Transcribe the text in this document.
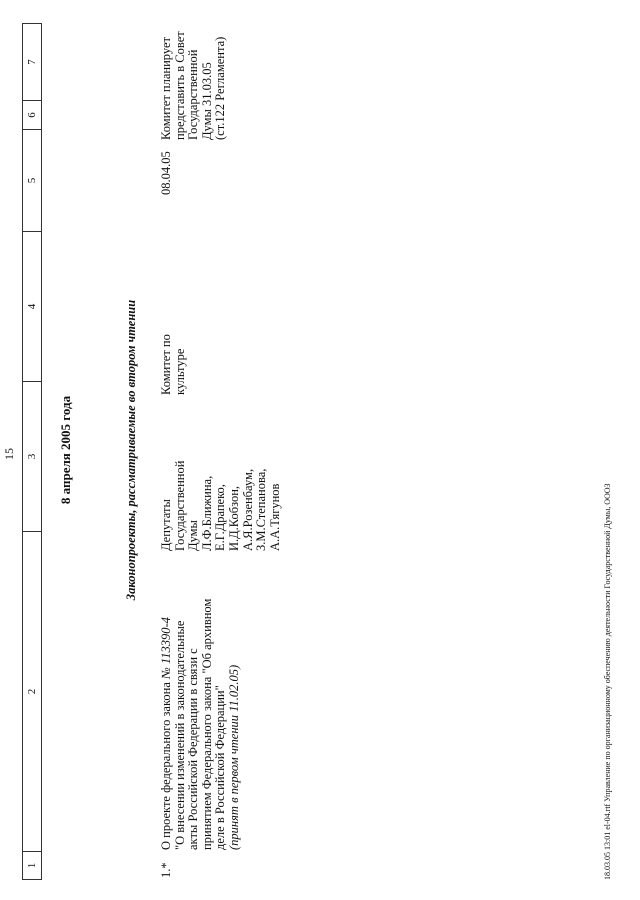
15
1
2
3
4
5
6
7
8 апреля 2005 года	Законопроекты, рассматриваемые во втором чтении
1.*
О проекте федерального закона № 113390-4
"О внесении изменений в законодательные
акты Российской Федерации в связи с
принятием Федерального закона "Об архивном
деле в Российской Федерации"
(принят в первом чтении 11.02.05)
Депутаты
Государственной
Думы
Л.Ф.Ближина,
Е.Г.Драпеко,
И.Д.Кобзон,
А.Я.Розенбаум,
З.М.Степанова,
А.А.Тягунов
Комитет по
культуре
08.04.05
Комитет планирует
представить в Совет
Государственной
Думы 31.03.05
(ст.122 Регламента)
18.03.05 13:01 el-04.rtf Управление по организационному обеспечению деятельности Государственной Думы, ОООЗ
